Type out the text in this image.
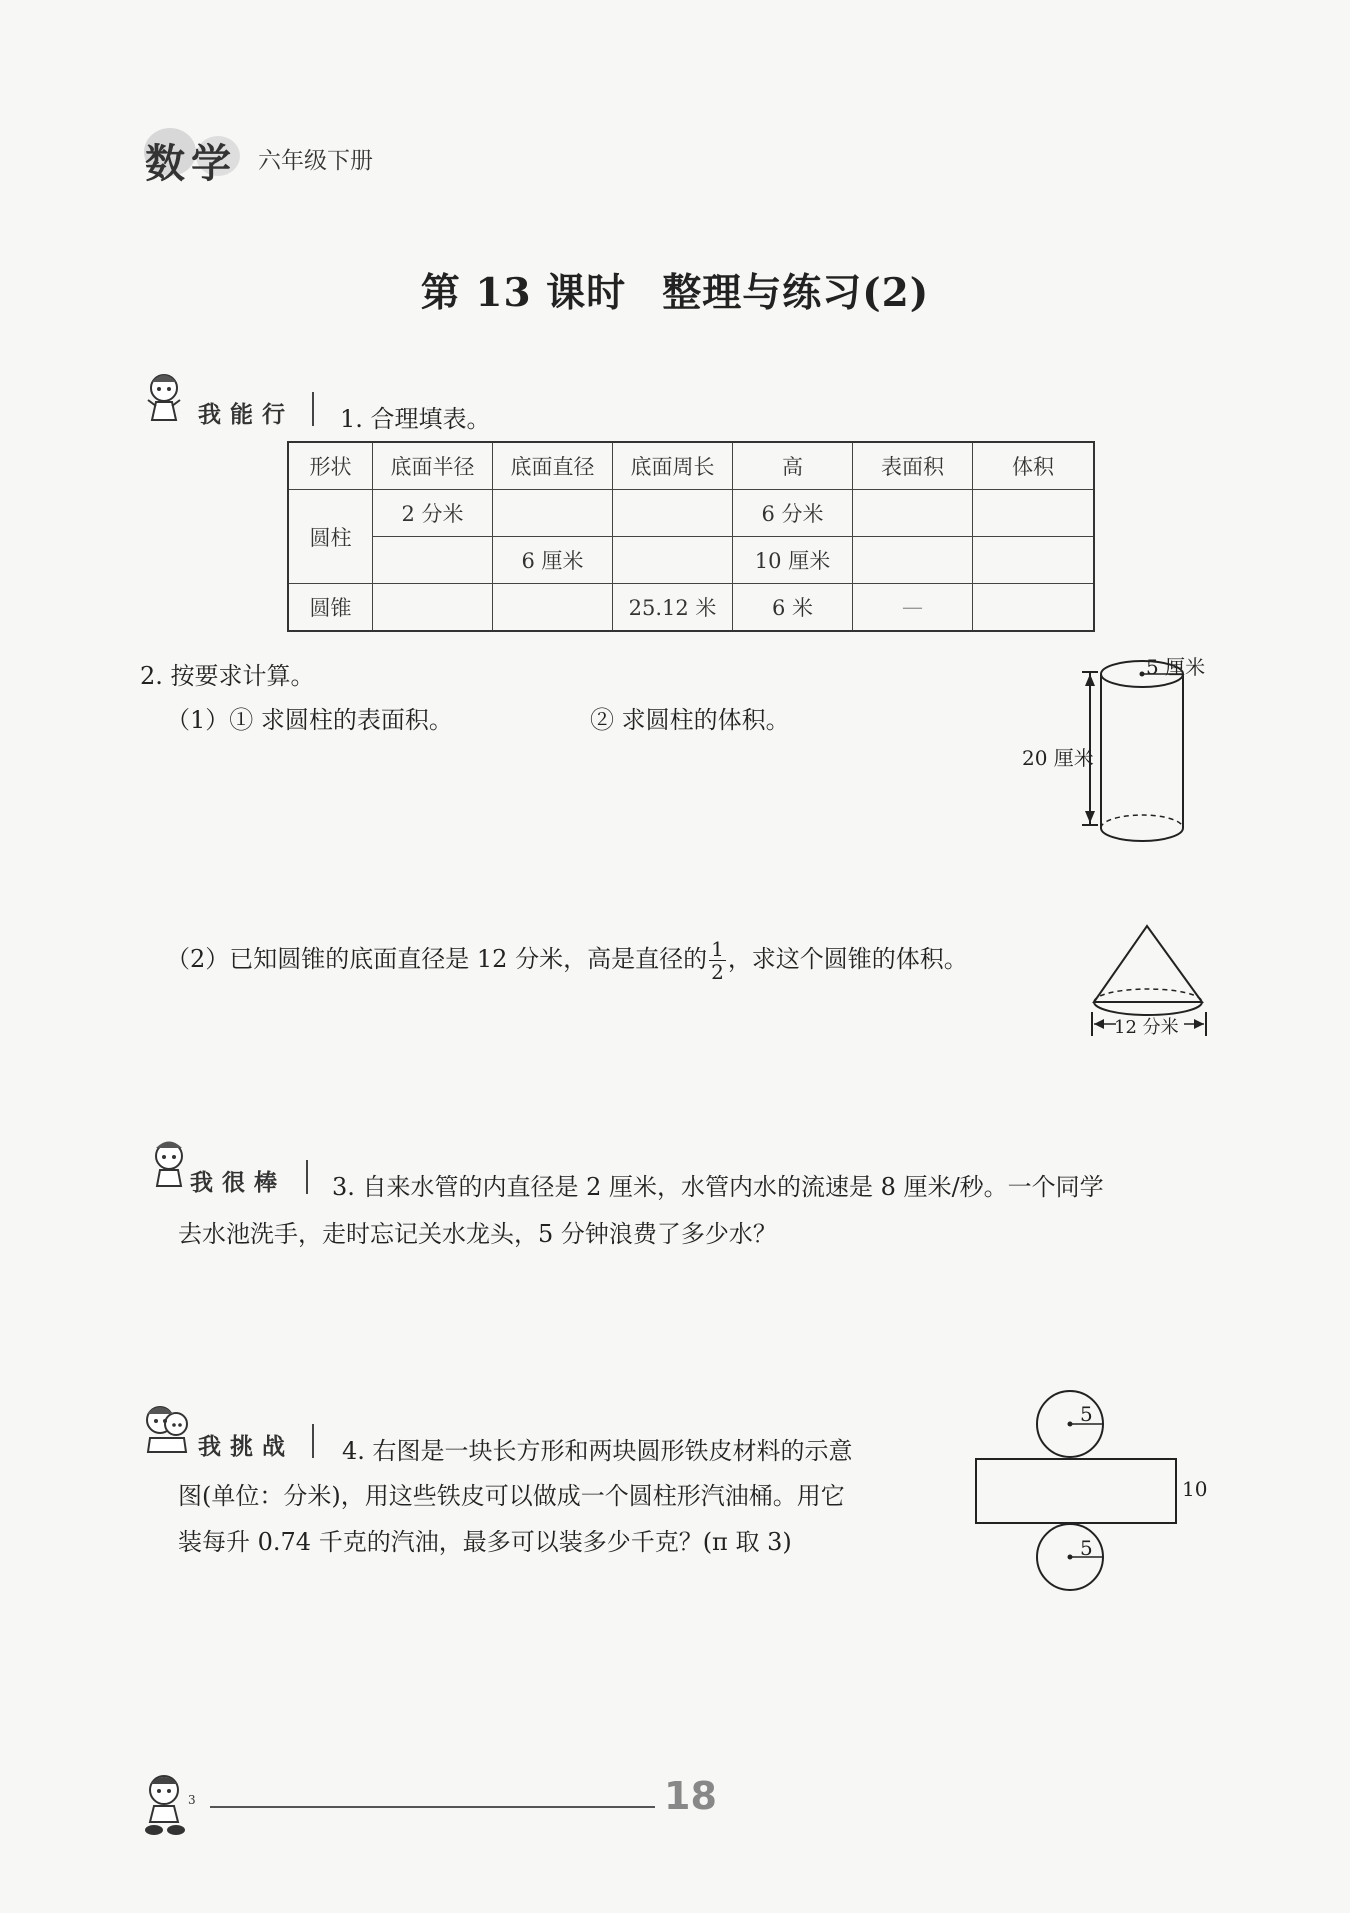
数学 六年级下册
第 13 课时 整理与练习(2)
我能行 1. 合理填表。
形状	底面半径	底面直径	底面周长	高	表面积	体积
圆柱	2 分米			6 分米		
		6 厘米		10 厘米		
圆锥			25.12 米	6 米	—	
2. 按要求计算。
（1）① 求圆柱的表面积。	② 求圆柱的体积。
5 厘米
20 厘米
（2）已知圆锥的底面直径是 12 分米，高是直径的 $\frac{1}{2}$ ，求这个圆锥的体积。
12 分米
我很棒 3. 自来水管的内直径是 2 厘米，水管内水的流速是 8 厘米/秒。一个同学
去水池洗手，走时忘记关水龙头，5 分钟浪费了多少水？
我挑战 4. 右图是一块长方形和两块圆形铁皮材料的示意
图(单位：分米)，用这些铁皮可以做成一个圆柱形汽油桶。用它
装每升 0.74 千克的汽油，最多可以装多少千克？(π 取 3)
5
10
5
3	18
